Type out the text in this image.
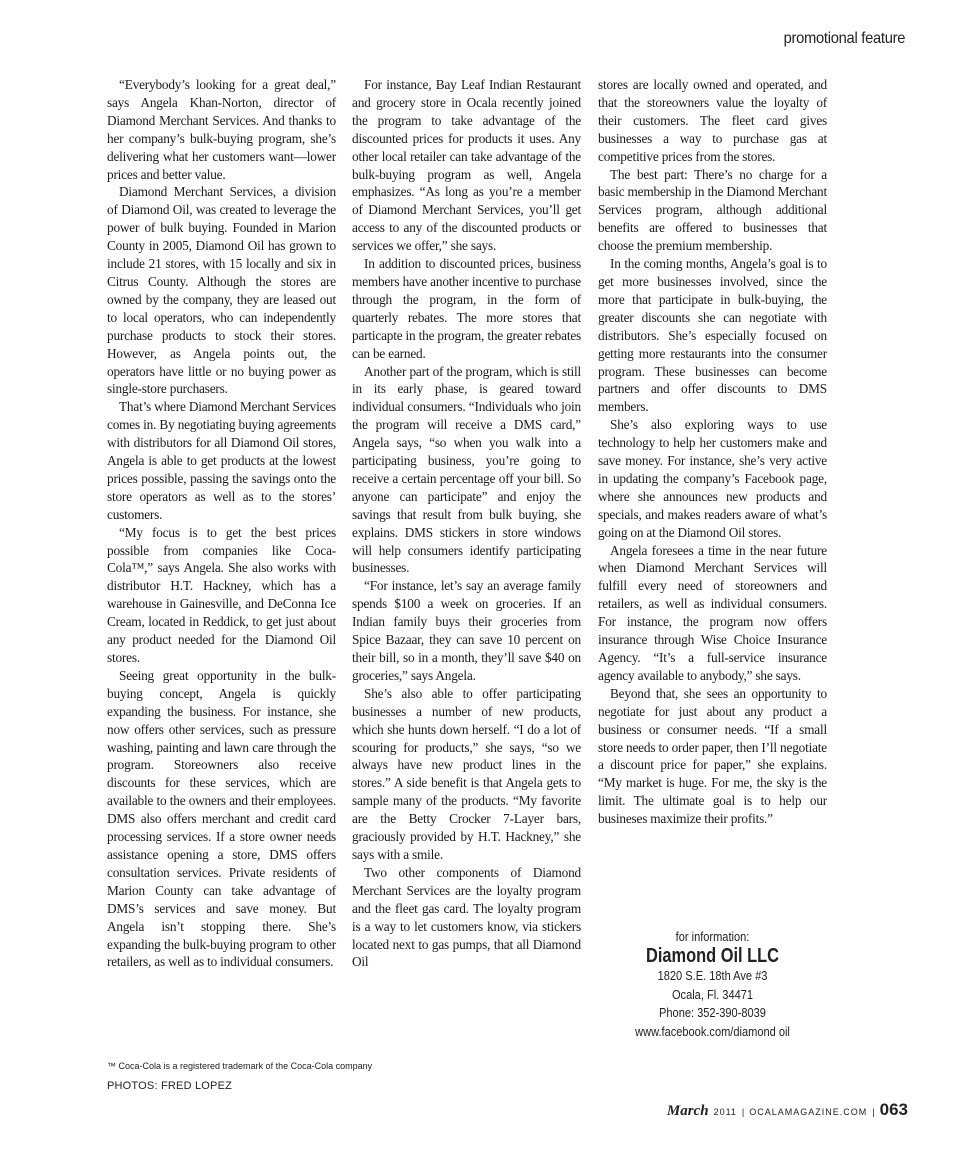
promotional feature

“Everybody’s looking for a great deal,” says Angela Khan-Norton, director of Diamond Merchant Services. And thanks to her company’s bulk-buying program, she’s delivering what her customers want—lower prices and better value.

Diamond Merchant Services, a division of Diamond Oil, was created to leverage the power of bulk buying. Founded in Marion County in 2005, Diamond Oil has grown to include 21 stores, with 15 locally and six in Citrus County. Although the stores are owned by the company, they are leased out to local operators, who can independently purchase products to stock their stores. However, as Angela points out, the operators have little or no buying power as single-store purchasers.

That’s where Diamond Merchant Services comes in. By negotiating buying agreements with distributors for all Diamond Oil stores, Angela is able to get products at the lowest prices possible, passing the savings onto the store operators as well as to the stores’ customers.

“My focus is to get the best prices possible from companies like Coca-Cola™,” says Angela. She also works with distributor H.T. Hackney, which has a warehouse in Gainesville, and DeConna Ice Cream, located in Reddick, to get just about any product needed for the Diamond Oil stores.

Seeing great opportunity in the bulk-buying concept, Angela is quickly expanding the business. For instance, she now offers other services, such as pressure washing, painting and lawn care through the program. Storeowners also receive discounts for these services, which are available to the owners and their employees. DMS also offers merchant and credit card processing services. If a store owner needs assistance opening a store, DMS offers consultation services. Private residents of Marion County can take advantage of DMS’s services and save money. But Angela isn’t stopping there. She’s expanding the bulk-buying program to other retailers, as well as to individual consumers.

For instance, Bay Leaf Indian Restaurant and grocery store in Ocala recently joined the program to take advantage of the discounted prices for products it uses. Any other local retailer can take advantage of the bulk-buying program as well, Angela emphasizes. “As long as you’re a member of Diamond Merchant Services, you’ll get access to any of the discounted products or services we offer,” she says.

In addition to discounted prices, business members have another incentive to purchase through the program, in the form of quarterly rebates. The more stores that particapte in the program, the greater rebates can be earned.

Another part of the program, which is still in its early phase, is geared toward individual consumers. “Individuals who join the program will receive a DMS card,” Angela says, “so when you walk into a participating business, you’re going to receive a certain percentage off your bill. So anyone can participate” and enjoy the savings that result from bulk buying, she explains. DMS stickers in store windows will help consumers identify participating businesses.

“For instance, let’s say an average family spends $100 a week on groceries. If an Indian family buys their groceries from Spice Bazaar, they can save 10 percent on their bill, so in a month, they’ll save $40 on groceries,” says Angela.

She’s also able to offer participating businesses a number of new products, which she hunts down herself. “I do a lot of scouring for products,” she says, “so we always have new product lines in the stores.” A side benefit is that Angela gets to sample many of the products. “My favorite are the Betty Crocker 7-Layer bars, graciously provided by H.T. Hackney,” she says with a smile.

Two other components of Diamond Merchant Services are the loyalty program and the fleet gas card. The loyalty program is a way to let customers know, via stickers located next to gas pumps, that all Diamond Oil

stores are locally owned and operated, and that the storeowners value the loyalty of their customers. The fleet card gives businesses a way to purchase gas at competitive prices from the stores.

The best part: There’s no charge for a basic membership in the Diamond Merchant Services program, although additional benefits are offered to businesses that choose the premium membership.

In the coming months, Angela’s goal is to get more businesses involved, since the more that participate in bulk-buying, the greater discounts she can negotiate with distributors. She’s especially focused on getting more restaurants into the consumer program. These businesses can become partners and offer discounts to DMS members.

She’s also exploring ways to use technology to help her customers make and save money. For instance, she’s very active in updating the company’s Facebook page, where she announces new products and specials, and makes readers aware of what’s going on at the Diamond Oil stores.

Angela foresees a time in the near future when Diamond Merchant Services will fulfill every need of storeowners and retailers, as well as individual consumers. For instance, the program now offers insurance through Wise Choice Insurance Agency. “It’s a full-service insurance agency available to anybody,” she says.

Beyond that, she sees an opportunity to negotiate for just about any product a business or consumer needs. “If a small store needs to order paper, then I’ll negotiate a discount price for paper,” she explains. “My market is huge. For me, the sky is the limit. The ultimate goal is to help our busineses maximize their profits.”

for information:
Diamond Oil LLC
1820 S.E. 18th Ave #3
Ocala, Fl. 34471
Phone: 352-390-8039
www.facebook.com/diamond oil
™ Coca-Cola is a registered trademark of the Coca-Cola company
PHOTOS: FRED LOPEZ
March 2011 | OCALAMAGAZINE.COM | 063
